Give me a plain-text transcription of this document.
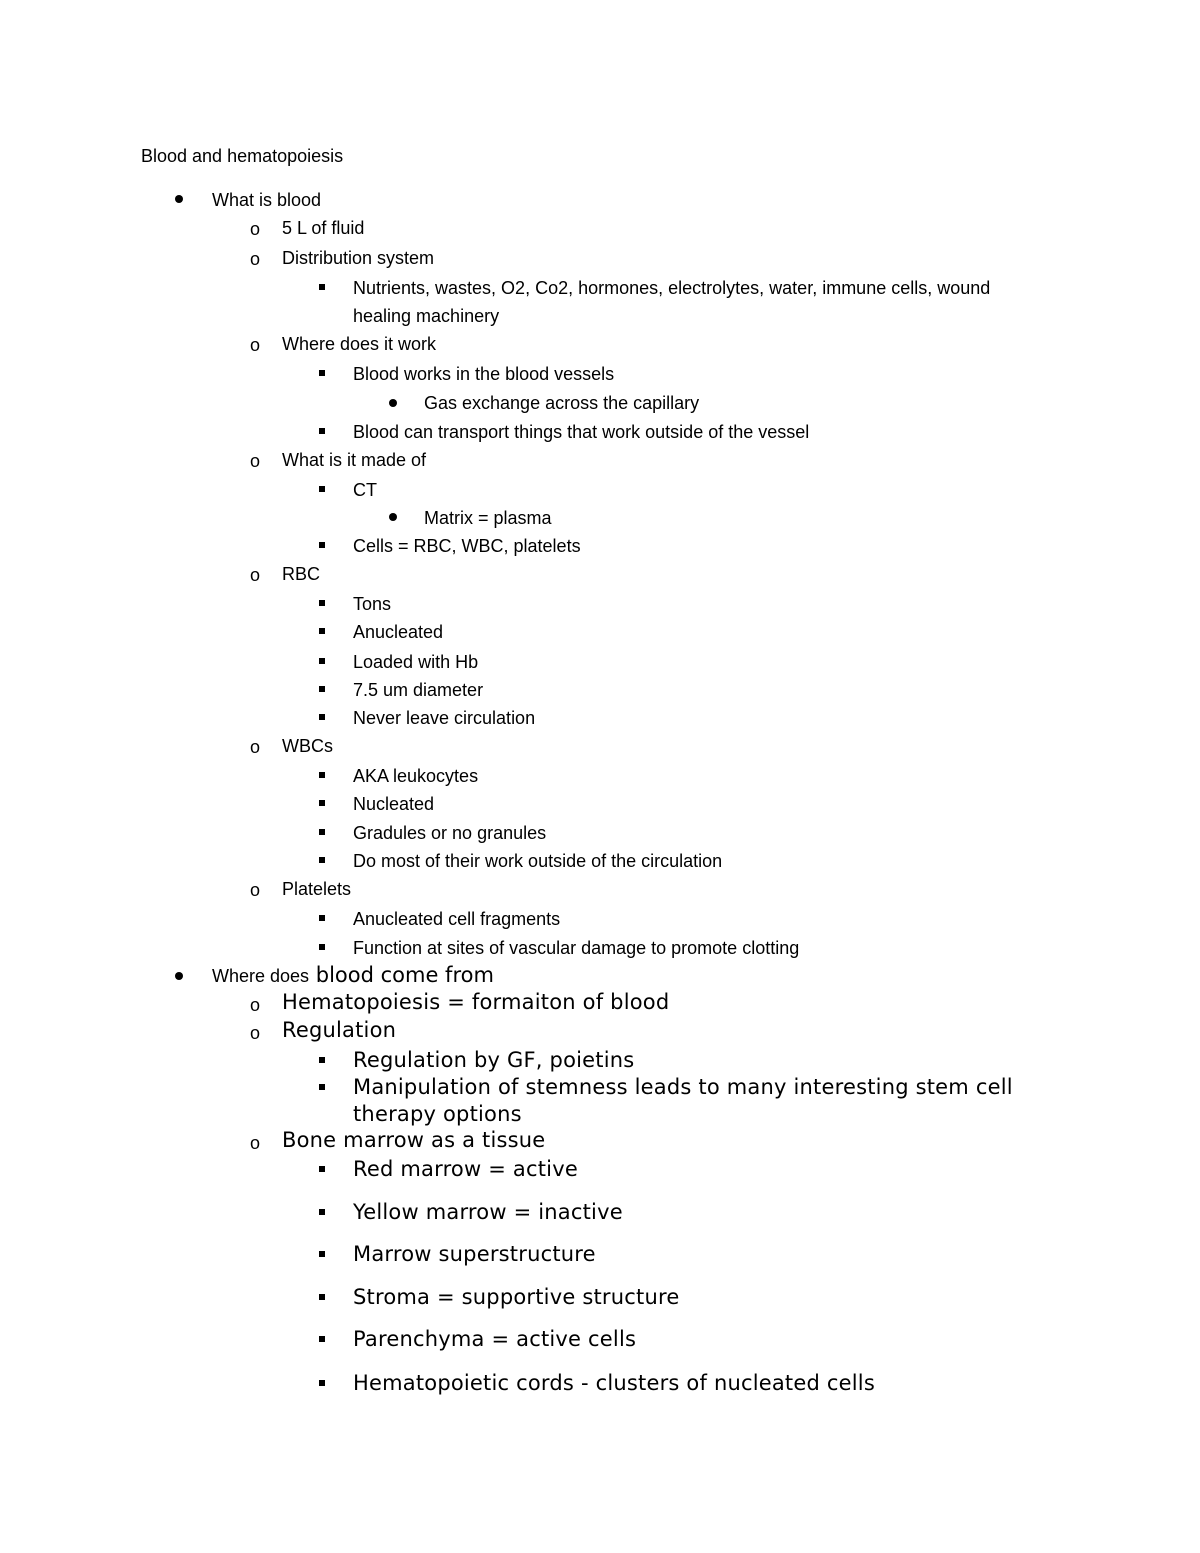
Blood and hematopoiesis
What is blood
o 5 L of fluid
o Distribution system
Nutrients, wastes, O2, Co2, hormones, electrolytes, water, immune cells, wound
healing machinery
o Where does it work
Blood works in the blood vessels
Gas exchange across the capillary
Blood can transport things that work outside of the vessel
o What is it made of
CT
Matrix = plasma
Cells = RBC, WBC, platelets
o RBC
Tons
Anucleated
Loaded with Hb
7.5 um diameter
Never leave circulation
o WBCs
AKA leukocytes
Nucleated
Gradules or no granules
Do most of their work outside of the circulation
o Platelets
Anucleated cell fragments
Function at sites of vascular damage to promote clotting
Where does blood come from
o Hematopoiesis = formaiton of blood
o Regulation
Regulation by GF, poietins
Manipulation of stemness leads to many interesting stem cell
therapy options
o Bone marrow as a tissue
Red marrow = active
Yellow marrow = inactive
Marrow superstructure
Stroma = supportive structure
Parenchyma = active cells
Hematopoietic cords - clusters of nucleated cells
